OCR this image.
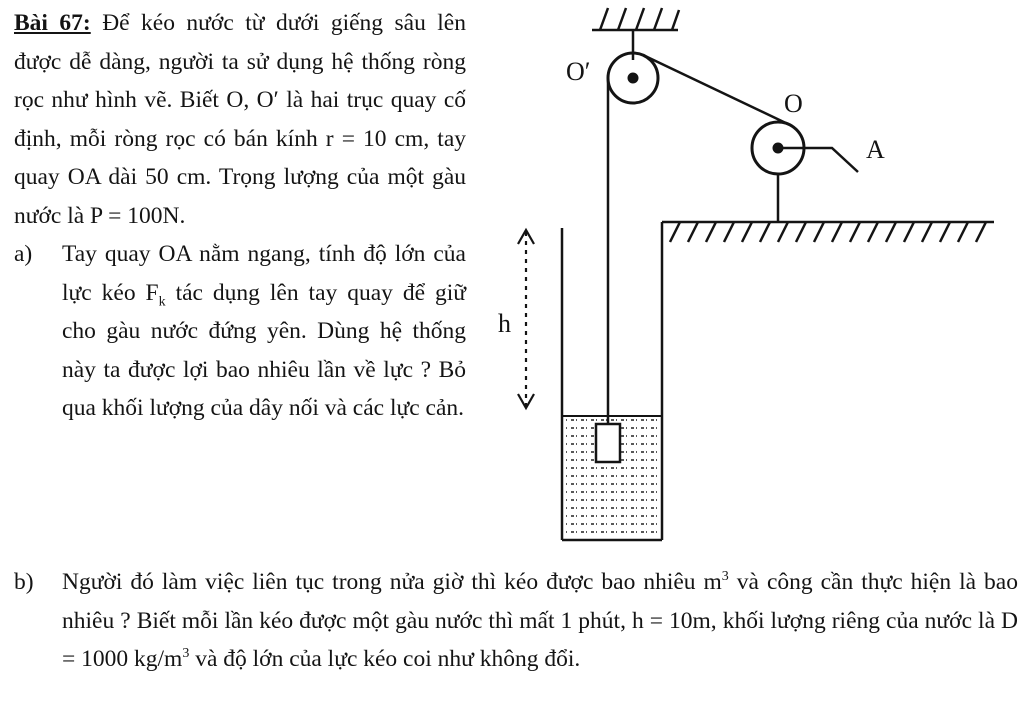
Bài 67: Để kéo nước từ dưới giếng sâu lên được dễ dàng, người ta sử dụng hệ thống ròng rọc như hình vẽ. Biết O, O′ là hai trục quay cố định, mỗi ròng rọc có bán kính r = 10 cm, tay quay OA dài 50 cm. Trọng lượng của một gàu nước là P = 100N.

a) Tay quay OA nằm ngang, tính độ lớn của lực kéo $F_k$ tác dụng lên tay quay để giữ cho gàu nước đứng yên. Dùng hệ thống này ta được lợi bao nhiêu lần về lực ? Bỏ qua khối lượng của dây nối và các lực cản.

b) Người đó làm việc liên tục trong nửa giờ thì kéo được bao nhiêu $m^3$ và công cần thực hiện là bao nhiêu ? Biết mỗi lần kéo được một gàu nước thì mất 1 phút, h = 10m, khối lượng riêng của nước là D = 1000 $kg/m^3$ và độ lớn của lực kéo coi như không đổi.

O′
O
A
h
